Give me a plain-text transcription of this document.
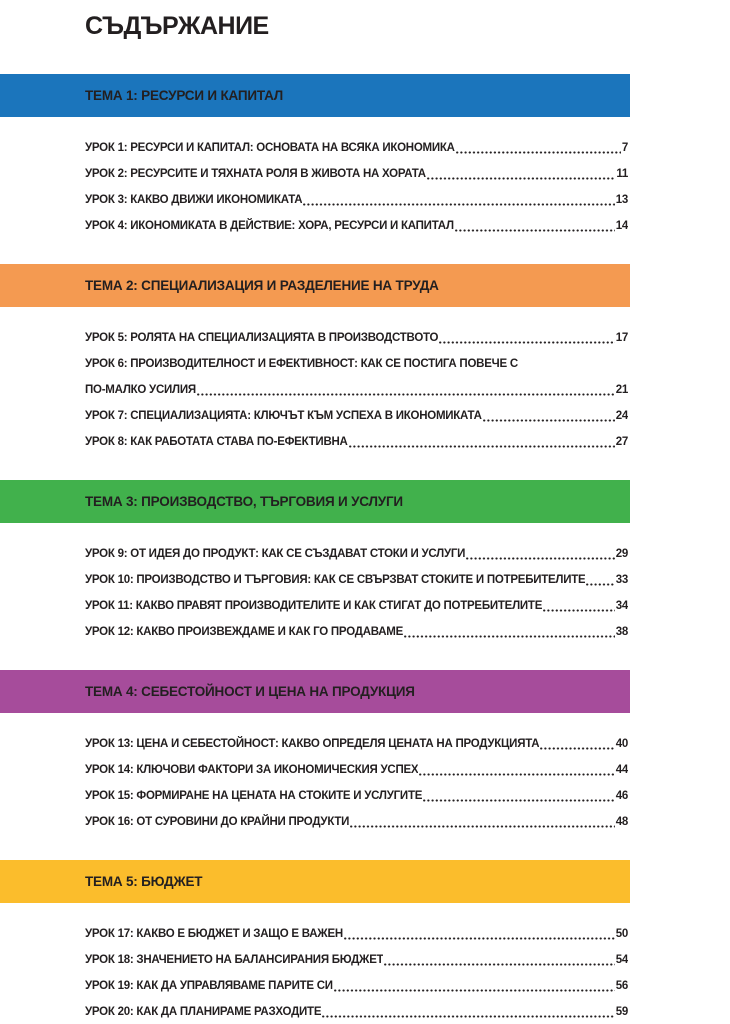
СЪДЪРЖАНИЕ
ТЕМА 1: РЕСУРСИ И КАПИТАЛ
УРОК 1: РЕСУРСИ И КАПИТАЛ: ОСНОВАТА НА ВСЯКА ИКОНОМИКА	7
УРОК 2: РЕСУРСИТЕ И ТЯХНАТА РОЛЯ В ЖИВОТА НА ХОРАТА	11
УРОК 3: КАКВО ДВИЖИ ИКОНОМИКАТА	13
УРОК 4: ИКОНОМИКАТА В ДЕЙСТВИЕ: ХОРА, РЕСУРСИ И КАПИТАЛ	14
ТЕМА 2: СПЕЦИАЛИЗАЦИЯ И РАЗДЕЛЕНИЕ НА ТРУДА
УРОК 5: РОЛЯТА НА СПЕЦИАЛИЗАЦИЯТА В ПРОИЗВОДСТВОТО	17
УРОК 6: ПРОИЗВОДИТЕЛНОСТ И ЕФЕКТИВНОСТ: КАК СЕ ПОСТИГА ПОВЕЧЕ С
ПО-МАЛКО УСИЛИЯ	21
УРОК 7: СПЕЦИАЛИЗАЦИЯТА: КЛЮЧЪТ КЪМ УСПЕХА В ИКОНОМИКАТА	24
УРОК 8: КАК РАБОТАТА СТАВА ПО-ЕФЕКТИВНА	27
ТЕМА 3: ПРОИЗВОДСТВО, ТЪРГОВИЯ И УСЛУГИ
УРОК 9: ОТ ИДЕЯ ДО ПРОДУКТ: КАК СЕ СЪЗДАВАТ СТОКИ И УСЛУГИ	29
УРОК 10: ПРОИЗВОДСТВО И ТЪРГОВИЯ: КАК СЕ СВЪРЗВАТ СТОКИТЕ И ПОТРЕБИТЕЛИТЕ	33
УРОК 11: КАКВО ПРАВЯТ ПРОИЗВОДИТЕЛИТЕ И КАК СТИГАТ ДО ПОТРЕБИТЕЛИТЕ	34
УРОК 12: КАКВО ПРОИЗВЕЖДАМЕ И КАК ГО ПРОДАВАМЕ	38
ТЕМА 4: СЕБЕСТОЙНОСТ И ЦЕНА НА ПРОДУКЦИЯ
УРОК 13: ЦЕНА И СЕБЕСТОЙНОСТ: КАКВО ОПРЕДЕЛЯ ЦЕНАТА НА ПРОДУКЦИЯТА	40
УРОК 14: КЛЮЧОВИ ФАКТОРИ ЗА ИКОНОМИЧЕСКИЯ УСПЕХ	44
УРОК 15: ФОРМИРАНЕ НА ЦЕНАТА НА СТОКИТЕ И УСЛУГИТЕ	46
УРОК 16: ОТ СУРОВИНИ ДО КРАЙНИ ПРОДУКТИ	48
ТЕМА 5: БЮДЖЕТ
УРОК 17: КАКВО Е БЮДЖЕТ И ЗАЩО Е ВАЖЕН	50
УРОК 18: ЗНАЧЕНИЕТО НА БАЛАНСИРАНИЯ БЮДЖЕТ	54
УРОК 19: КАК ДА УПРАВЛЯВАМЕ ПАРИТЕ СИ	56
УРОК 20: КАК ДА ПЛАНИРАМЕ РАЗХОДИТЕ	59
